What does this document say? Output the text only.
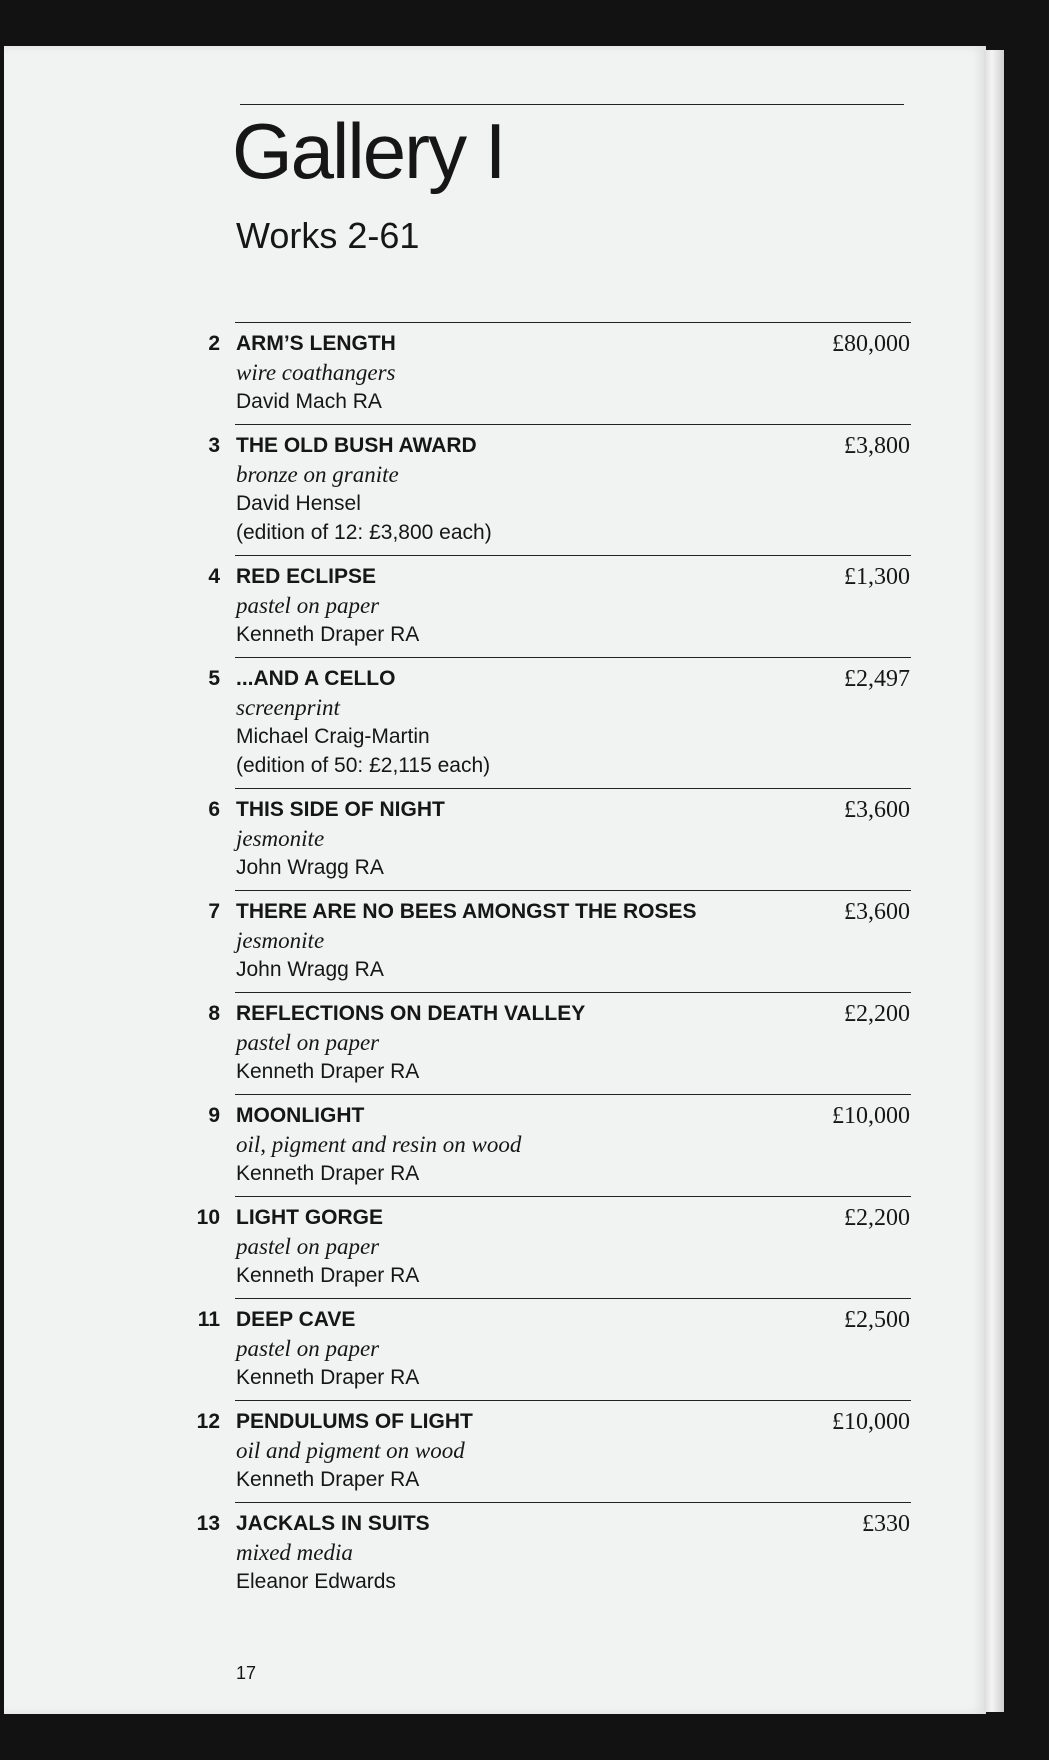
Gallery I
Works 2-61
2 ARM’S LENGTH
wire coathangers
David Mach RA
£80,000
3 THE OLD BUSH AWARD
bronze on granite
David Hensel
(edition of 12: £3,800 each)
£3,800
4 RED ECLIPSE
pastel on paper
Kenneth Draper RA
£1,300
5 ...AND A CELLO
screenprint
Michael Craig-Martin
(edition of 50: £2,115 each)
£2,497
6 THIS SIDE OF NIGHT
jesmonite
John Wragg RA
£3,600
7 THERE ARE NO BEES AMONGST THE ROSES
jesmonite
John Wragg RA
£3,600
8 REFLECTIONS ON DEATH VALLEY
pastel on paper
Kenneth Draper RA
£2,200
9 MOONLIGHT
oil, pigment and resin on wood
Kenneth Draper RA
£10,000
10 LIGHT GORGE
pastel on paper
Kenneth Draper RA
£2,200
11 DEEP CAVE
pastel on paper
Kenneth Draper RA
£2,500
12 PENDULUMS OF LIGHT
oil and pigment on wood
Kenneth Draper RA
£10,000
13 JACKALS IN SUITS
mixed media
Eleanor Edwards
£330
17
